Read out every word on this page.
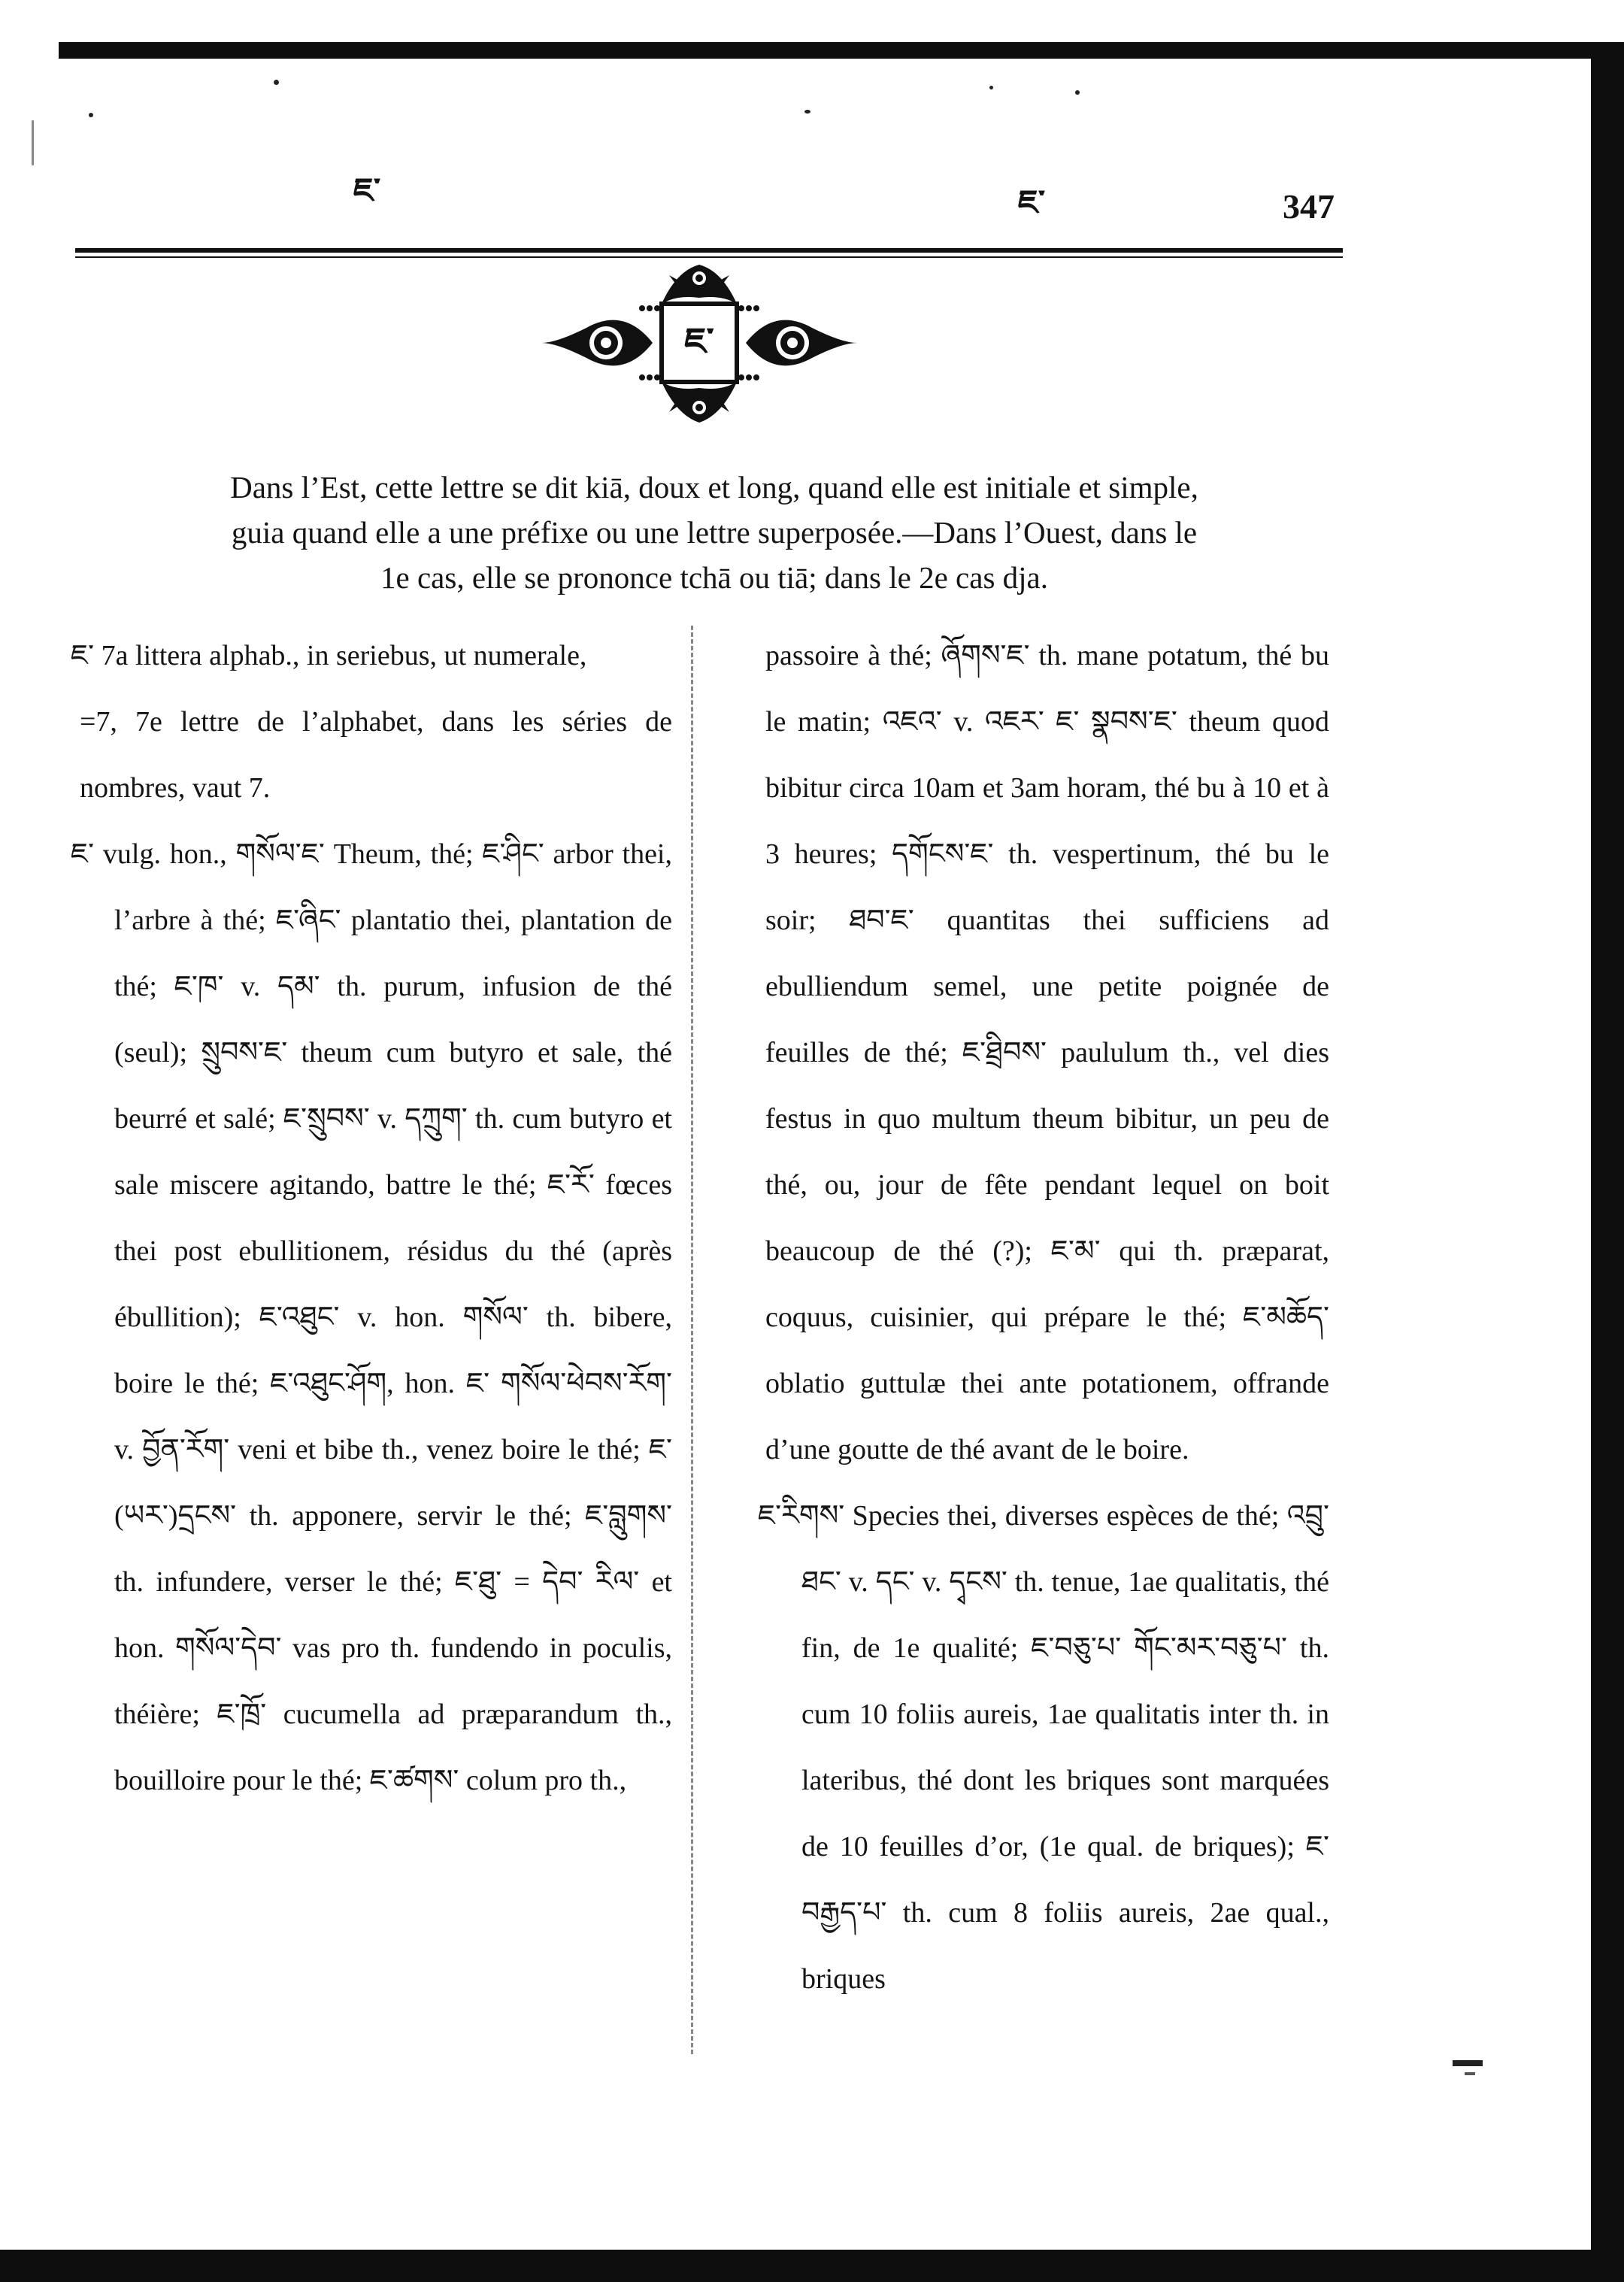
ཇ་	ཇ་	347
ཇ་

Dans l’Est, cette lettre se dit kiā, doux et long, quand elle est initiale et simple,

guia quand elle a une préfixe ou une lettre superposée.—Dans l’Ouest, dans le

1e cas, elle se prononce tchā ou tiā; dans le 2e cas dja.

ཇ་ 7a littera alphab., in seriebus, ut numerale,

=7, 7e lettre de l’alphabet, dans les séries de nombres, vaut 7.

ཇ་ vulg. hon., གསོལ་ཇ་ Theum, thé; ཇ་ཤིང་ arbor thei, l’arbre à thé; ཇ་ཞིང་ plantatio thei, plantation de thé; ཇ་ཁ་ v. དམ་ th. purum, infusion de thé (seul); སྲུབས་ཇ་ theum cum butyro et sale, thé beurré et salé; ཇ་སྲུབས་ v. དཀྲུག་ th. cum butyro et sale miscere agitando, battre le thé; ཇ་རོ་ fœces thei post ebullitionem, résidus du thé (après ébullition); ཇ་འཐུང་ v. hon. གསོལ་ th. bibere, boire le thé; ཇ་འཐུང་ཤོག, hon. ཇ་ གསོལ་ཕེབས་རོག་ v. བྱོན་རོག་ veni et bibe th., venez boire le thé; ཇ་(ཡར་)དྲངས་ th. apponere, servir le thé; ཇ་བླུགས་ th. infundere, verser le thé; ཇ་ཐུ་ = དེབ་ རིལ་ et hon. གསོལ་དེབ་ vas pro th. fundendo in poculis, théière; ཇ་ཁྲོ་ cucumella ad præparandum th., bouilloire pour le thé; ཇ་ཚགས་ colum pro th.,

passoire à thé; ཞོགས་ཇ་ th. mane potatum, thé bu le matin; འཇའ་ v. འཇར་ ཇ་ སྣབས་ཇ་ theum quod bibitur circa 10am et 3am horam, thé bu à 10 et à 3 heures; དགོངས་ཇ་ th. vespertinum, thé bu le soir; ཐབ་ཇ་ quantitas thei sufficiens ad ebulliendum semel, une petite poignée de feuilles de thé; ཇ་ཐྲིབས་ paululum th., vel dies festus in quo multum theum bibitur, un peu de thé, ou, jour de fête pendant lequel on boit beaucoup de thé (?); ཇ་མ་ qui th. præparat, coquus, cuisinier, qui prépare le thé; ཇ་མཆོད་ oblatio guttulæ thei ante potationem, offrande d’une goutte de thé avant de le boire.

ཇ་རིགས་ Species thei, diverses espèces de thé; འབྲུ་ཐང་ v. དང་ v. དྭངས་ th. tenue, 1ae qualitatis, thé fin, de 1e qualité; ཇ་བཅུ་པ་ གོང་མར་བཅུ་པ་ th. cum 10 foliis aureis, 1ae qualitatis inter th. in lateribus, thé dont les briques sont marquées de 10 feuilles d’or, (1e qual. de briques); ཇ་བརྒྱད་པ་ th. cum 8 foliis aureis, 2ae qual., briques
